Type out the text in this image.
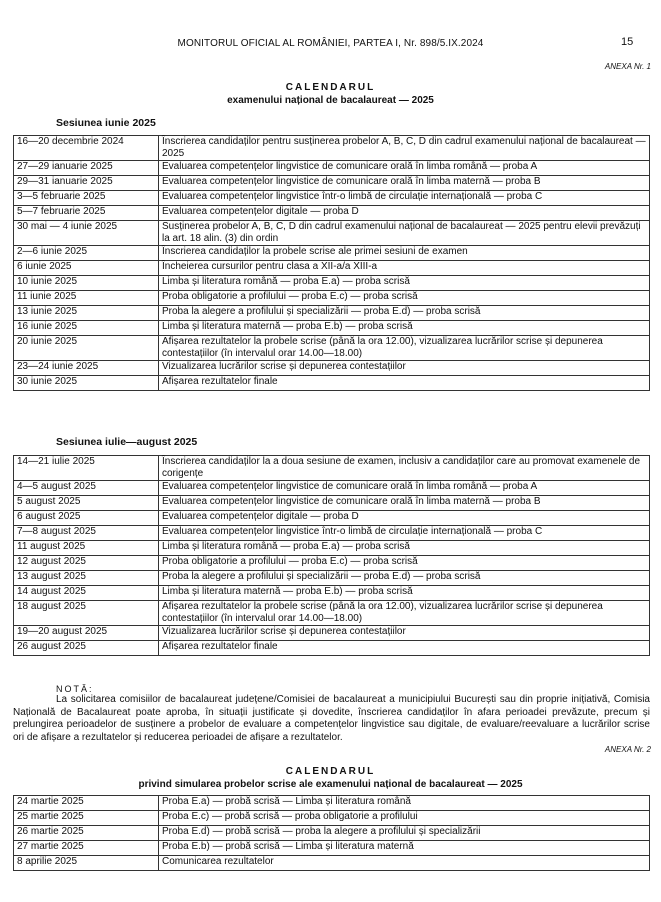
MONITORUL OFICIAL AL ROMÂNIEI, PARTEA I, Nr. 898/5.IX.2024	15
ANEXA Nr. 1
CALENDARUL
examenului național de bacalaureat — 2025
Sesiunea iunie 2025
16—20 decembrie 2024	Înscrierea candidaților pentru susținerea probelor A, B, C, D din cadrul examenului național de bacalaureat — 2025
27—29 ianuarie 2025	Evaluarea competențelor lingvistice de comunicare orală în limba română — proba A
29—31 ianuarie 2025	Evaluarea competențelor lingvistice de comunicare orală în limba maternă — proba B
3—5 februarie 2025	Evaluarea competențelor lingvistice într-o limbă de circulație internațională — proba C
5—7 februarie 2025	Evaluarea competențelor digitale — proba D
30 mai — 4 iunie 2025	Susținerea probelor A, B, C, D din cadrul examenului național de bacalaureat — 2025 pentru elevii prevăzuți la art. 18 alin. (3) din ordin
2—6 iunie 2025	Înscrierea candidaților la probele scrise ale primei sesiuni de examen
6 iunie 2025	Încheierea cursurilor pentru clasa a XII-a/a XIII-a
10 iunie 2025	Limba și literatura română — proba E.a) — proba scrisă
11 iunie 2025	Proba obligatorie a profilului — proba E.c) — proba scrisă
13 iunie 2025	Proba la alegere a profilului și specializării — proba E.d) — proba scrisă
16 iunie 2025	Limba și literatura maternă — proba E.b) — proba scrisă
20 iunie 2025	Afișarea rezultatelor la probele scrise (până la ora 12.00), vizualizarea lucrărilor scrise și depunerea contestațiilor (în intervalul orar 14.00—18.00)
23—24 iunie 2025	Vizualizarea lucrărilor scrise și depunerea contestațiilor
30 iunie 2025	Afișarea rezultatelor finale
Sesiunea iulie—august 2025
14—21 iulie 2025	Înscrierea candidaților la a doua sesiune de examen, inclusiv a candidaților care au promovat examenele de corigențe
4—5 august 2025	Evaluarea competențelor lingvistice de comunicare orală în limba română — proba A
5 august 2025	Evaluarea competențelor lingvistice de comunicare orală în limba maternă — proba B
6 august 2025	Evaluarea competențelor digitale — proba D
7—8 august 2025	Evaluarea competențelor lingvistice într-o limbă de circulație internațională — proba C
11 august 2025	Limba și literatura română — proba E.a) — proba scrisă
12 august 2025	Proba obligatorie a profilului — proba E.c) — proba scrisă
13 august 2025	Proba la alegere a profilului și specializării — proba E.d) — proba scrisă
14 august 2025	Limba și literatura maternă — proba E.b) — proba scrisă
18 august 2025	Afișarea rezultatelor la probele scrise (până la ora 12.00), vizualizarea lucrărilor scrise și depunerea contestațiilor (în intervalul orar 14.00—18.00)
19—20 august 2025	Vizualizarea lucrărilor scrise și depunerea contestațiilor
26 august 2025	Afișarea rezultatelor finale
NOTĂ:
La solicitarea comisiilor de bacalaureat județene/Comisiei de bacalaureat a municipiului București sau din proprie inițiativă, Comisia Națională de Bacalaureat poate aproba, în situații justificate și dovedite, înscrierea candidaților în afara perioadei prevăzute, precum și prelungirea perioadelor de susținere a probelor de evaluare a competențelor lingvistice sau digitale, de evaluare/reevaluare a lucrărilor scrise ori de afișare a rezultatelor și reducerea perioadei de afișare a rezultatelor.
ANEXA Nr. 2
CALENDARUL
privind simularea probelor scrise ale examenului național de bacalaureat — 2025
24 martie 2025	Proba E.a) — probă scrisă — Limba și literatura română
25 martie 2025	Proba E.c) — probă scrisă — proba obligatorie a profilului
26 martie 2025	Proba E.d) — probă scrisă — proba la alegere a profilului și specializării
27 martie 2025	Proba E.b) — probă scrisă — Limba și literatura maternă
8 aprilie 2025	Comunicarea rezultatelor
